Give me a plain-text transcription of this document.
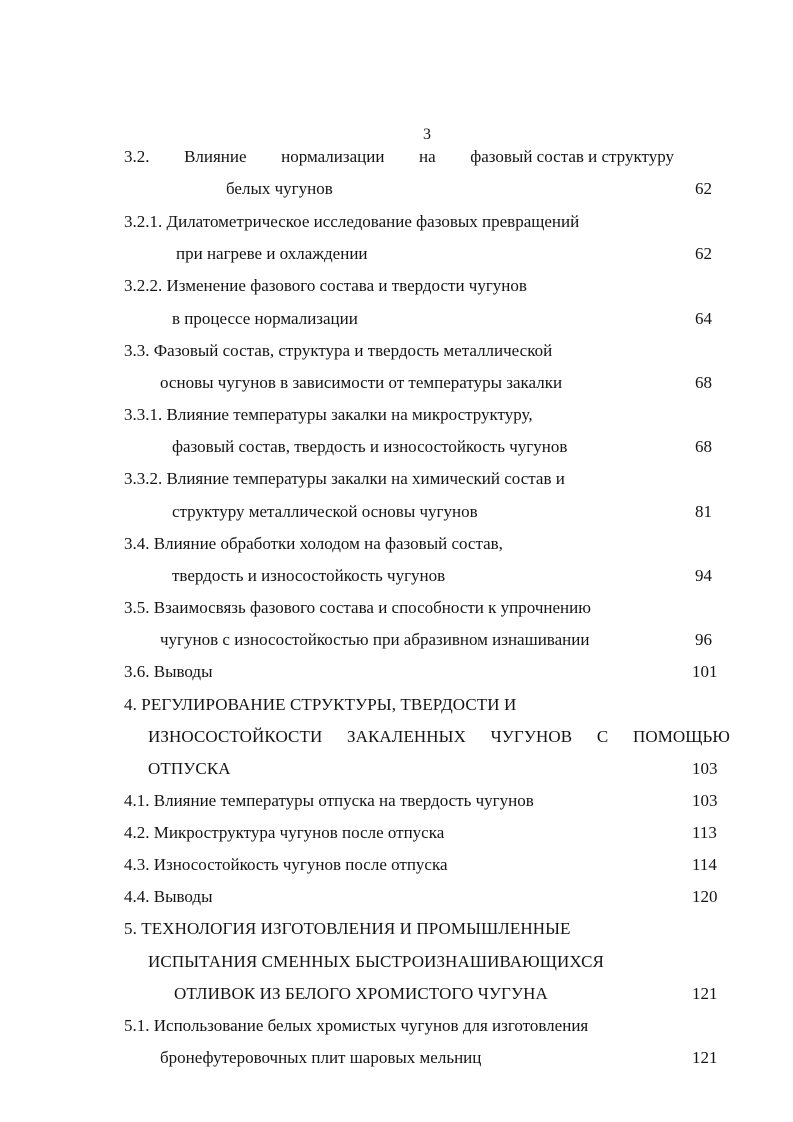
3
3.2. Влияние нормализации на фазовый состав и структуру
белых чугунов	62
3.2.1. Дилатометрическое исследование фазовых превращений
при нагреве и охлаждении	62
3.2.2. Изменение фазового состава и твердости чугунов
в процессе нормализации	64
3.3. Фазовый состав, структура и твердость металлической
основы чугунов в зависимости от температуры закалки	68
3.3.1. Влияние температуры закалки на микроструктуру,
фазовый состав, твердость и износостойкость чугунов	68
3.3.2. Влияние температуры закалки на химический состав и
структуру металлической основы чугунов	81
3.4. Влияние обработки холодом на фазовый состав,
твердость и износостойкость чугунов	94
3.5. Взаимосвязь фазового состава и способности к упрочнению
чугунов с износостойкостью при абразивном изнашивании	96
3.6. Выводы	101
4. РЕГУЛИРОВАНИЕ СТРУКТУРЫ, ТВЕРДОСТИ И
ИЗНОСОСТОЙКОСТИ ЗАКАЛЕННЫХ ЧУГУНОВ С ПОМОЩЬЮ
ОТПУСКА	103
4.1. Влияние температуры отпуска на твердость чугунов	103
4.2. Микроструктура чугунов после отпуска	113
4.3. Износостойкость чугунов после отпуска	114
4.4. Выводы	120
5. ТЕХНОЛОГИЯ ИЗГОТОВЛЕНИЯ И ПРОМЫШЛЕННЫЕ
ИСПЫТАНИЯ СМЕННЫХ БЫСТРОИЗНАШИВАЮЩИХСЯ
ОТЛИВОК ИЗ БЕЛОГО ХРОМИСТОГО ЧУГУНА	121
5.1. Использование белых хромистых чугунов для изготовления
бронефутеровочных плит шаровых мельниц	121
